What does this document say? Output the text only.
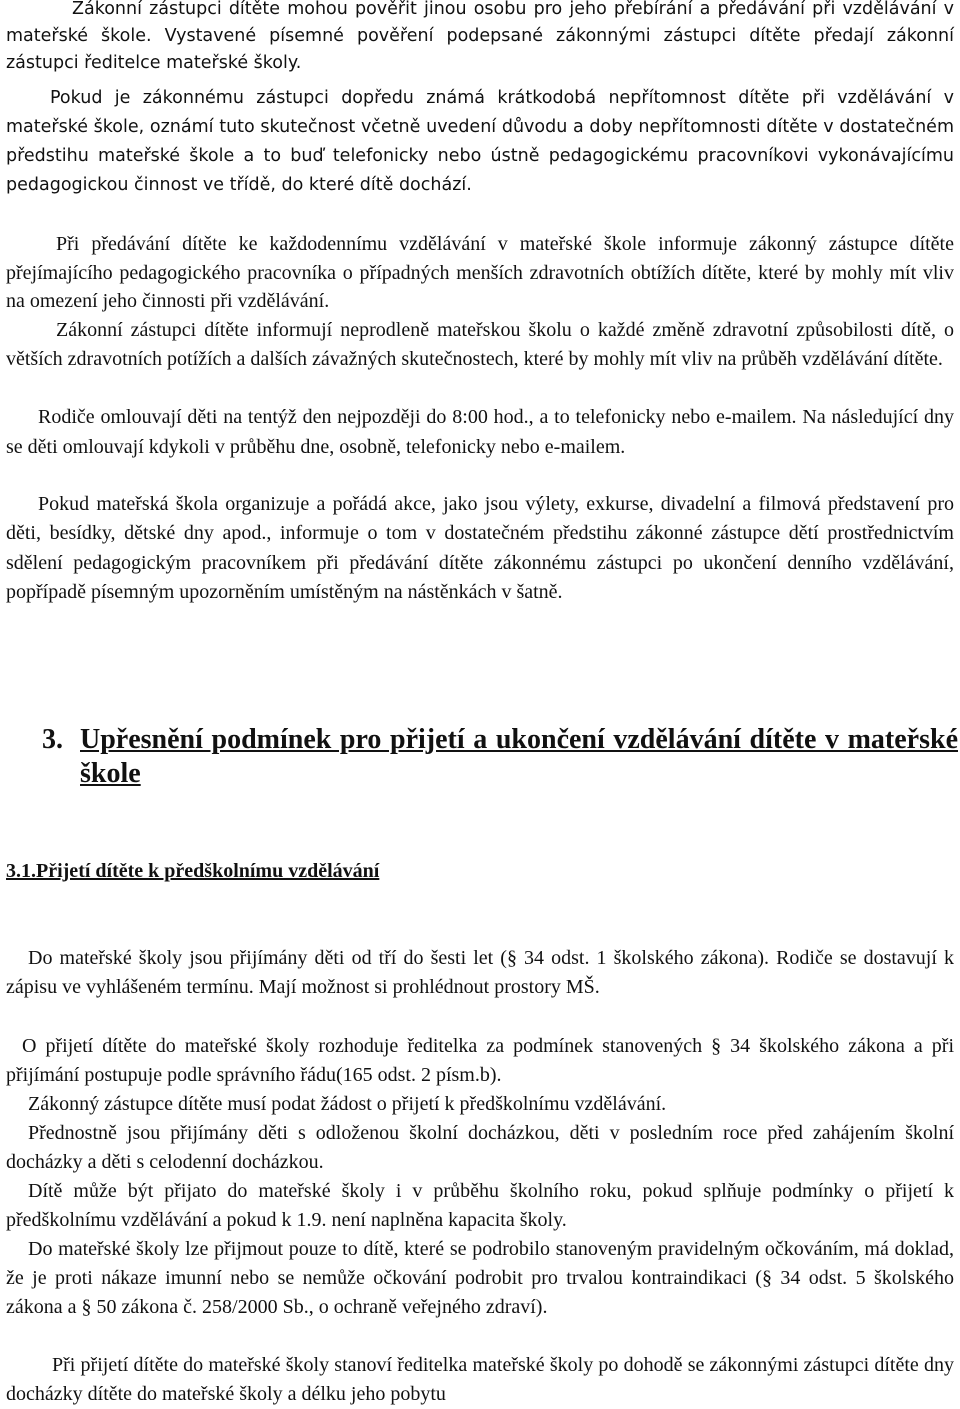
Zákonní zástupci dítěte mohou pověřit jinou osobu pro jeho přebírání a předávání při vzdělávání v mateřské škole. Vystavené písemné pověření podepsané zákonnými zástupci dítěte předají zákonní zástupci ředitelce mateřské školy.

Pokud je zákonnému zástupci dopředu známá krátkodobá nepřítomnost dítěte při vzdělávání v mateřské škole, oznámí tuto skutečnost včetně uvedení důvodu a doby nepřítomnosti dítěte v dostatečném předstihu mateřské škole a to buď telefonicky nebo ústně pedagogickému pracovníkovi vykonávajícímu pedagogickou činnost ve třídě, do které dítě dochází.

Při předávání dítěte ke každodennímu vzdělávání v mateřské škole informuje zákonný zástupce dítěte přejímajícího pedagogického pracovníka o případných menších zdravotních obtížích dítěte, které by mohly mít vliv na omezení jeho činnosti při vzdělávání.

Zákonní zástupci dítěte informují neprodleně mateřskou školu o každé změně zdravotní způsobilosti dítě, o větších zdravotních potížích a dalších závažných skutečnostech, které by mohly mít vliv na průběh vzdělávání dítěte.

Rodiče omlouvají děti na tentýž den nejpozději do 8:00 hod., a to telefonicky nebo e-mailem. Na následující dny se děti omlouvají kdykoli v průběhu dne, osobně, telefonicky nebo e-mailem.

Pokud mateřská škola organizuje a pořádá akce, jako jsou výlety, exkurse, divadelní a filmová představení pro děti, besídky, dětské dny apod., informuje o tom v dostatečném předstihu zákonné zástupce dětí prostřednictvím sdělení pedagogickým pracovníkem při předávání dítěte zákonnému zástupci po ukončení denního vzdělávání, popřípadě písemným upozorněním umístěným na nástěnkách v šatně.

3. Upřesnění podmínek pro přijetí a ukončení vzdělávání dítěte v mateřské škole
3.1.Přijetí dítěte k předškolnímu vzdělávání

Do mateřské školy jsou přijímány děti od tří do šesti let (§ 34 odst. 1 školského zákona). Rodiče se dostavují k zápisu ve vyhlášeném termínu. Mají možnost si prohlédnout prostory MŠ.

O přijetí dítěte do mateřské školy rozhoduje ředitelka za podmínek stanovených § 34 školského zákona a při přijímání postupuje podle správního řádu(165 odst. 2 písm.b).

Zákonný zástupce dítěte musí podat žádost o přijetí k předškolnímu vzdělávání.

Přednostně jsou přijímány děti s odloženou školní docházkou, děti v posledním roce před zahájením školní docházky a děti s celodenní docházkou.

Dítě může být přijato do mateřské školy i v průběhu školního roku, pokud splňuje podmínky o přijetí k předškolnímu vzdělávání a pokud k 1.9. není naplněna kapacita školy.

Do mateřské školy lze přijmout pouze to dítě, které se podrobilo stanoveným pravidelným očkováním, má doklad, že je proti nákaze imunní nebo se nemůže očkování podrobit pro trvalou kontraindikaci (§ 34 odst. 5 školského zákona a § 50 zákona č. 258/2000 Sb., o ochraně veřejného zdraví).

Při přijetí dítěte do mateřské školy stanoví ředitelka mateřské školy po dohodě se zákonnými zástupci dítěte dny docházky dítěte do mateřské školy a délku jeho pobytu
